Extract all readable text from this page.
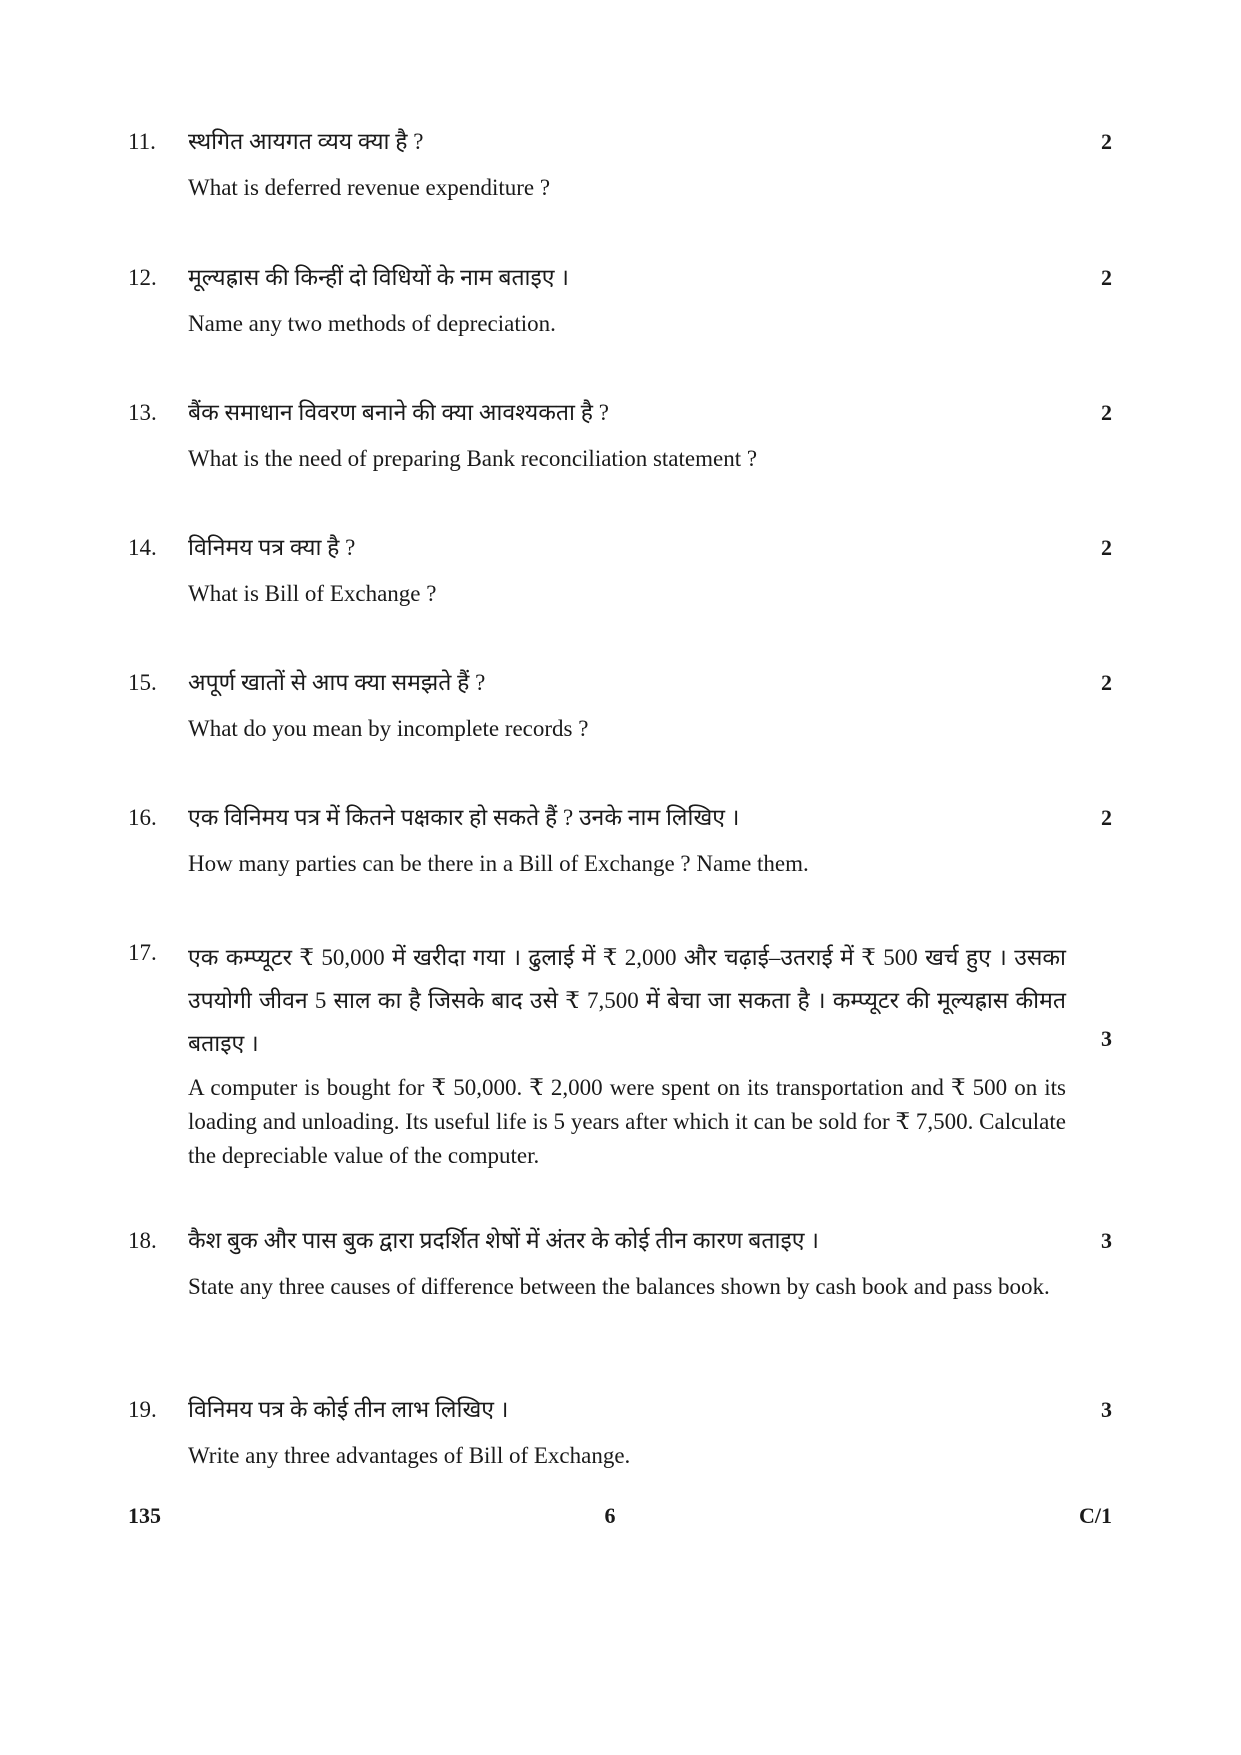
11. स्थगित आयगत व्यय क्या है ?	2
What is deferred revenue expenditure ?
12. मूल्यह्रास की किन्हीं दो विधियों के नाम बताइए ।	2
Name any two methods of depreciation.
13. बैंक समाधान विवरण बनाने की क्या आवश्यकता है ?	2
What is the need of preparing Bank reconciliation statement ?
14. विनिमय पत्र क्या है ?	2
What is Bill of Exchange ?
15. अपूर्ण खातों से आप क्या समझते हैं ?	2
What do you mean by incomplete records ?
16. एक विनिमय पत्र में कितने पक्षकार हो सकते हैं ? उनके नाम लिखिए ।	2
How many parties can be there in a Bill of Exchange ? Name them.
17. एक कम्प्यूटर ₹ 50,000 में खरीदा गया । ढुलाई में ₹ 2,000 और चढ़ाई–उतराई में ₹ 500 खर्च हुए । उसका उपयोगी जीवन 5 साल का है जिसके बाद उसे ₹ 7,500 में बेचा जा सकता है । कम्प्यूटर की मूल्यह्रास कीमत बताइए ।	3
A computer is bought for ₹ 50,000. ₹ 2,000 were spent on its transportation and ₹ 500 on its loading and unloading. Its useful life is 5 years after which it can be sold for ₹ 7,500. Calculate the depreciable value of the computer.
18. कैश बुक और पास बुक द्वारा प्रदर्शित शेषों में अंतर के कोई तीन कारण बताइए ।	3
State any three causes of difference between the balances shown by cash book and pass book.
19. विनिमय पत्र के कोई तीन लाभ लिखिए ।	3
Write any three advantages of Bill of Exchange.
135	6	C/1
